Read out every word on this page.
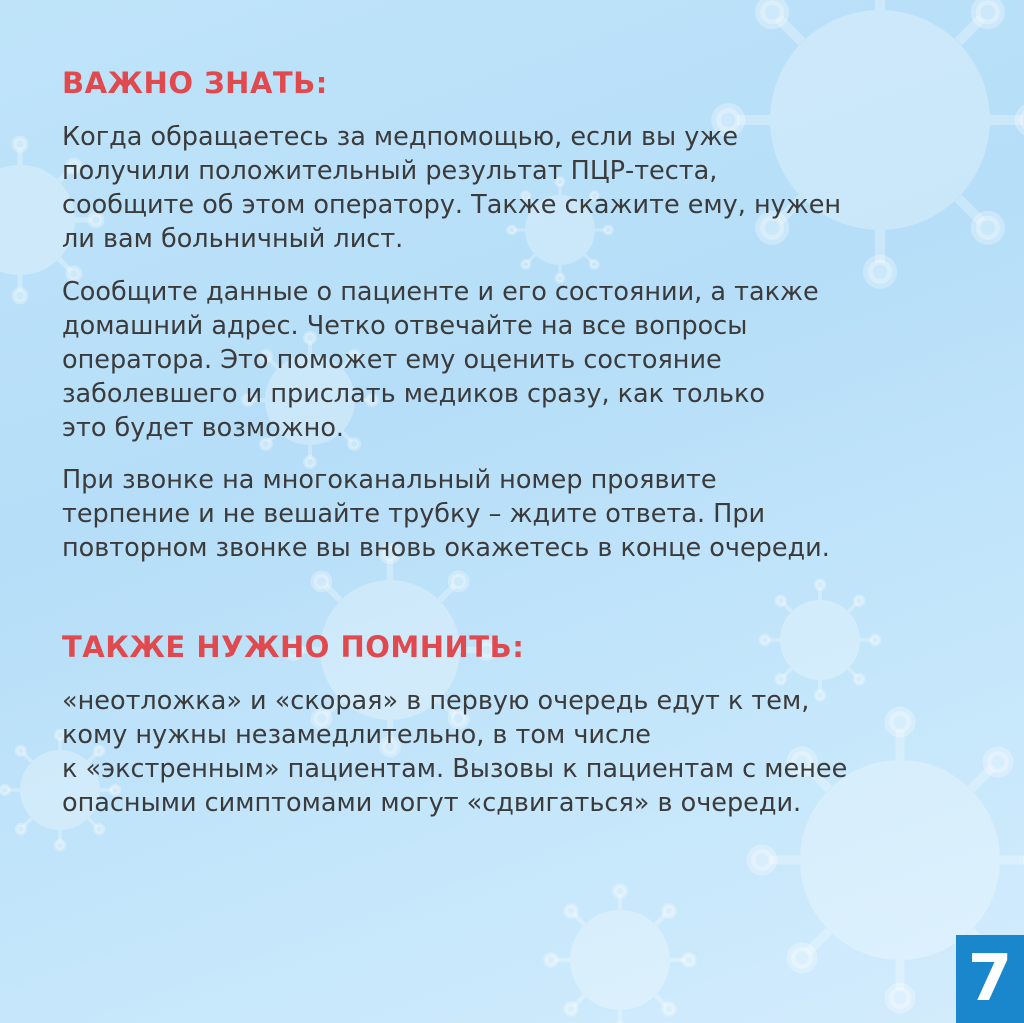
ВАЖНО ЗНАТЬ:
Когда обращаетесь за медпомощью, если вы уже
получили положительный результат ПЦР-теста,
сообщите об этом оператору. Также скажите ему, нужен
ли вам больничный лист.
Сообщите данные о пациенте и его состоянии, а также
домашний адрес. Четко отвечайте на все вопросы
оператора. Это поможет ему оценить состояние
заболевшего и прислать медиков сразу, как только
это будет возможно.
При звонке на многоканальный номер проявите
терпение и не вешайте трубку – ждите ответа. При
повторном звонке вы вновь окажетесь в конце очереди.
ТАКЖЕ НУЖНО ПОМНИТЬ:
«неотложка» и «скорая» в первую очередь едут к тем,
кому нужны незамедлительно, в том числе
к «экстренным» пациентам. Вызовы к пациентам с менее
опасными симптомами могут «сдвигаться» в очереди.
7
